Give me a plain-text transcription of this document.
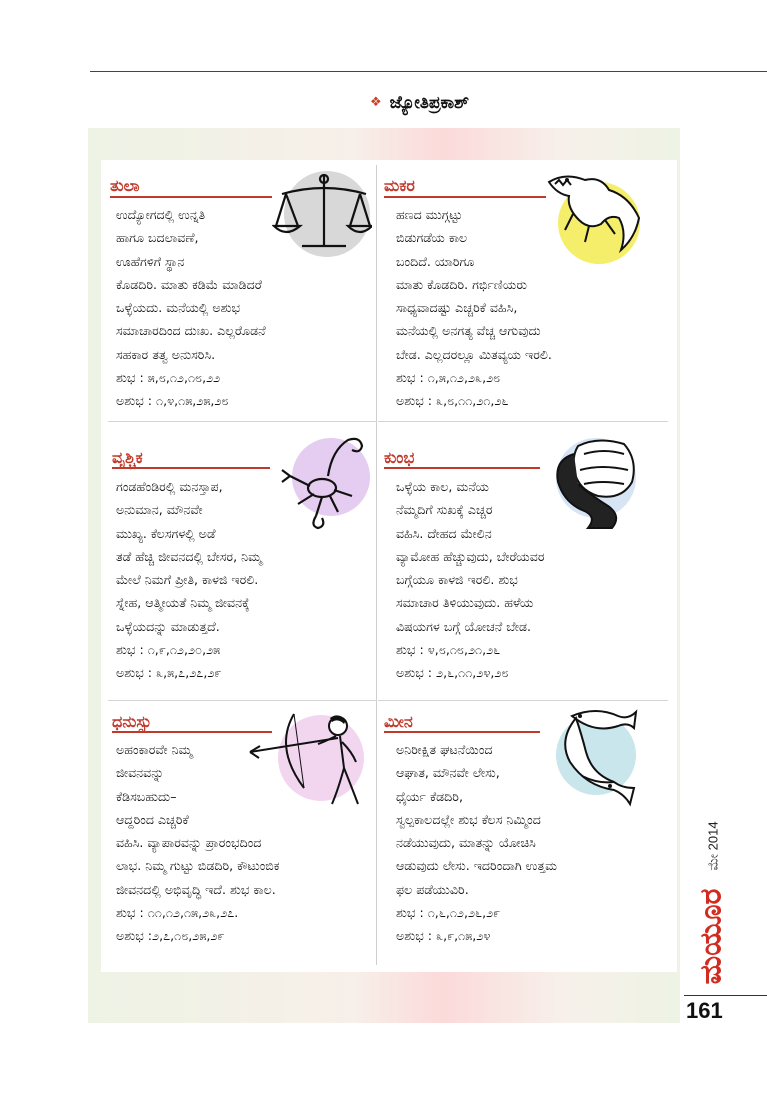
❖ ಜ್ಯೋತಿಪ್ರಕಾಶ್
ತುಲಾ
ಉದ್ಯೋಗದಲ್ಲಿ ಉನ್ನತಿ
ಹಾಗೂ ಬದಲಾವಣೆ,
ಊಹೆಗಳಿಗೆ ಸ್ಥಾನ
ಕೊಡದಿರಿ. ಮಾತು ಕಡಿಮೆ ಮಾಡಿದರೆ
ಒಳ್ಳೆಯದು. ಮನೆಯಲ್ಲಿ ಅಶುಭ
ಸಮಾಚಾರದಿಂದ ದುಃಖ. ಎಲ್ಲರೊಡನೆ
ಸಹಕಾರ ತತ್ವ ಅನುಸರಿಸಿ.
ಶುಭ : ೫,೮,೧೨,೧೮,೨೨
ಅಶುಭ : ೧,೪,೧೫,೨೫,೨೮
ಮಕರ
ಹಣದ ಮುಗ್ಗಟ್ಟು
ಬಿಡುಗಡೆಯ ಕಾಲ
ಬಂದಿದೆ. ಯಾರಿಗೂ
ಮಾತು ಕೊಡದಿರಿ. ಗರ್ಭಿಣಿಯರು
ಸಾಧ್ಯವಾದಷ್ಟು ಎಚ್ಚರಿಕೆ ವಹಿಸಿ,
ಮನೆಯಲ್ಲಿ ಅನಗತ್ಯ ವೆಚ್ಚ ಆಗುವುದು
ಬೇಡ. ಎಲ್ಲದರಲ್ಲೂ ಮಿತವ್ಯಯ ಇರಲಿ.
ಶುಭ : ೧,೫,೧೨,೨೩,೨೮
ಅಶುಭ : ೩,೮,೧೧,೨೧,೨೬
ವೃಶ್ಚಿಕ
ಗಂಡಹೆಂಡಿರಲ್ಲಿ ಮನಸ್ತಾಪ,
ಅನುಮಾನ, ಮೌನವೇ
ಮುಖ್ಯ. ಕೆಲಸಗಳಲ್ಲಿ ಅಡೆ
ತಡೆ ಹೆಚ್ಚಿ ಜೀವನದಲ್ಲಿ ಬೇಸರ, ನಿಮ್ಮ
ಮೇಲೆ ನಿಮಗೆ ಪ್ರೀತಿ, ಕಾಳಜಿ ಇರಲಿ.
ಸ್ನೇಹ, ಆತ್ಮೀಯತೆ ನಿಮ್ಮ ಜೀವನಕ್ಕೆ
ಒಳ್ಳೆಯದನ್ನು ಮಾಡುತ್ತದೆ.
ಶುಭ : ೧,೯,೧೨,೨೦,೨೫
ಅಶುಭ : ೩,೫,೭,೨೭,೨೯
ಕುಂಭ
ಒಳ್ಳೆಯ ಕಾಲ, ಮನೆಯ
ನೆಮ್ಮದಿಗೆ ಸುಖಕ್ಕೆ ಎಚ್ಚರ
ವಹಿಸಿ. ದೇಹದ ಮೇಲಿನ
ವ್ಯಾಮೋಹ ಹೆಚ್ಚುವುದು, ಬೇರೆಯವರ
ಬಗ್ಗೆಯೂ ಕಾಳಜಿ ಇರಲಿ. ಶುಭ
ಸಮಾಚಾರ ತಿಳಿಯುವುದು. ಹಳೆಯ
ವಿಷಯಗಳ ಬಗ್ಗೆ ಯೋಚನೆ ಬೇಡ.
ಶುಭ : ೪,೮,೧೮,೨೧,೨೬
ಅಶುಭ : ೨,೬,೧೧,೨೪,೨೮
ಧನುಸ್ಸು
ಅಹಂಕಾರವೇ ನಿಮ್ಮ
ಜೀವನವನ್ನು
ಕೆಡಿಸಬಹುದು–
ಆದ್ದರಿಂದ ಎಚ್ಚರಿಕೆ
ವಹಿಸಿ. ವ್ಯಾಪಾರವನ್ನು ಪ್ರಾರಂಭದಿಂದ
ಲಾಭ. ನಿಮ್ಮ ಗುಟ್ಟು ಬಿಡದಿರಿ, ಕೌಟುಂಬಿಕ
ಜೀವನದಲ್ಲಿ ಅಭಿವೃದ್ಧಿ ಇದೆ. ಶುಭ ಕಾಲ.
ಶುಭ : ೧೧,೧೨,೧೫,೨೩,೨೭.
ಅಶುಭ :೨,೭,೧೮,೨೫,೨೯
ಮೀನ
ಅನಿರೀಕ್ಷಿತ ಘಟನೆಯಿಂದ
ಆಘಾತ, ಮೌನವೇ ಲೇಸು,
ಧೈರ್ಯ ಕೆಡದಿರಿ,
ಸ್ವಲ್ಪಕಾಲದಲ್ಲೇ ಶುಭ ಕೆಲಸ ನಿಮ್ಮಿಂದ
ನಡೆಯುವುದು, ಮಾತನ್ನು ಯೋಚಿಸಿ
ಆಡುವುದು ಲೇಸು. ಇದರಿಂದಾಗಿ ಉತ್ತಮ
ಫಲ ಪಡೆಯುವಿರಿ.
ಶುಭ : ೧,೬,೧೨,೨೬,೨೯
ಅಶುಭ : ೩,೯,೧೫,೨೪
ಮೇ 2014
ಮಯೂರ
161
